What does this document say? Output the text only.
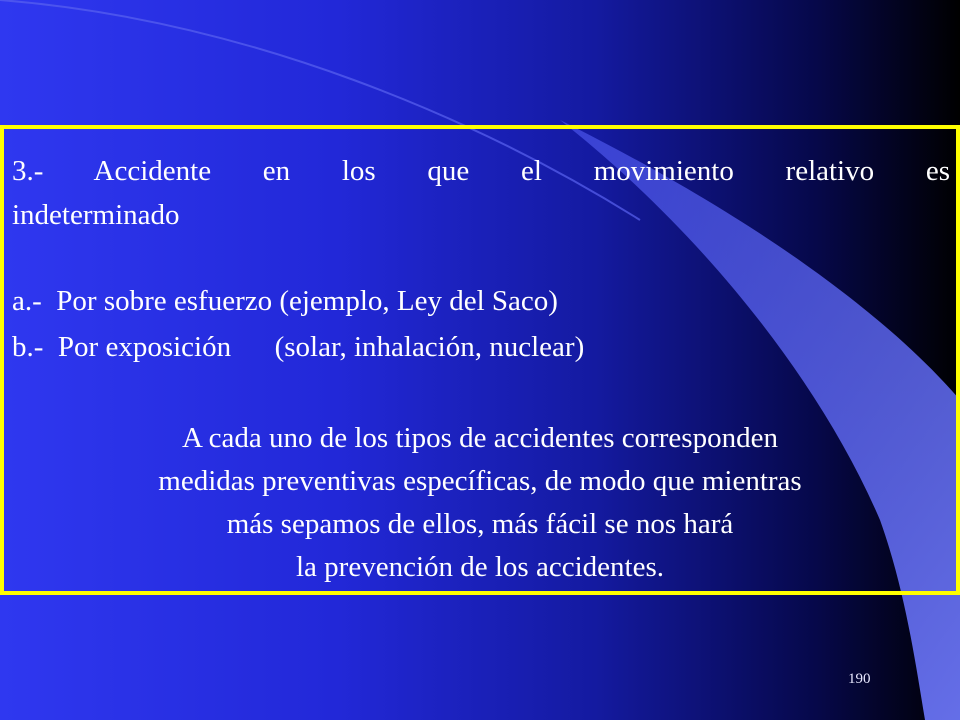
3.- Accidente en los que el movimiento relativo es
indeterminado
a.-  Por sobre esfuerzo (ejemplo, Ley del Saco)
b.-  Por exposición      (solar, inhalación, nuclear)
A cada uno de los tipos de accidentes corresponden
medidas preventivas específicas, de modo que mientras
más sepamos de ellos, más fácil se nos hará
la prevención de los accidentes.
190
